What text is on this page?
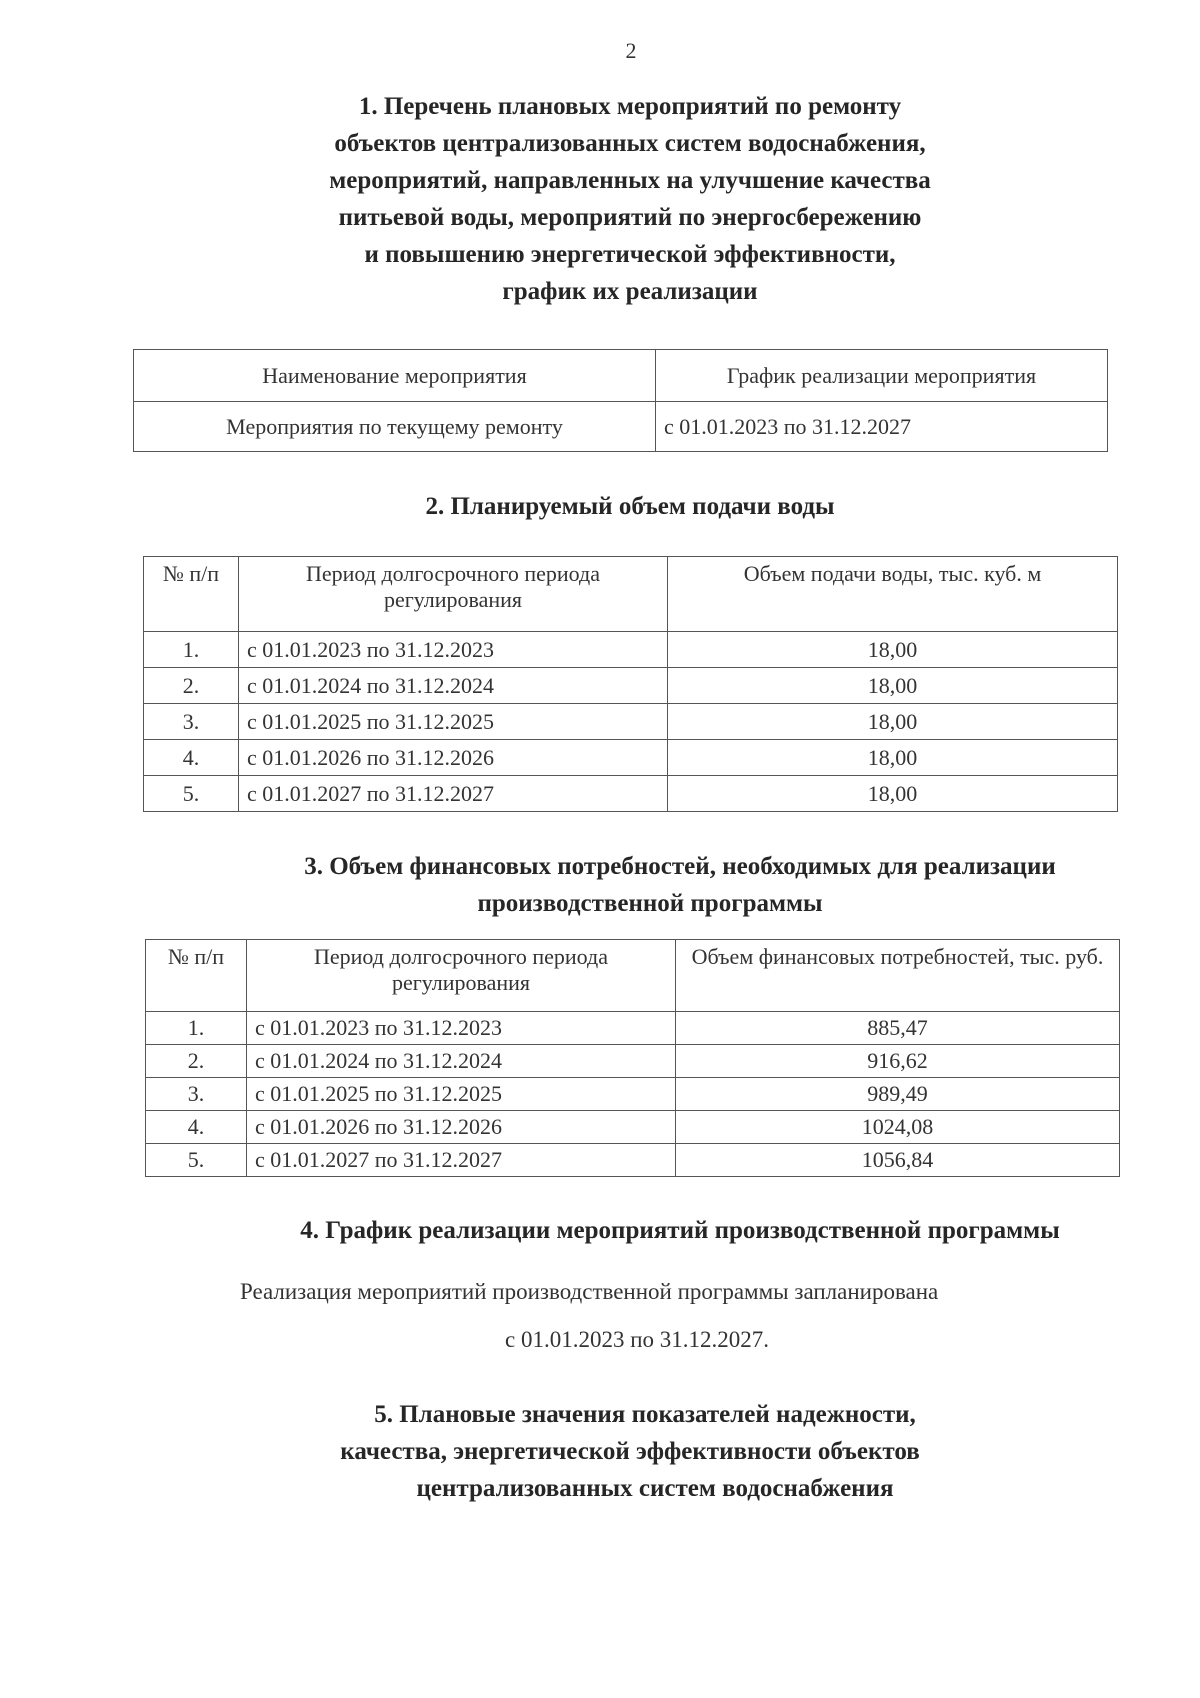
2
1. Перечень плановых мероприятий по ремонту
объектов централизованных систем водоснабжения,
мероприятий, направленных на улучшение качества
питьевой воды, мероприятий по энергосбережению
и повышению энергетической эффективности,
график их реализации
Наименование мероприятия	График реализации мероприятия
Мероприятия по текущему ремонту	с 01.01.2023 по 31.12.2027
2. Планируемый объем подачи воды
№ п/п	Период долгосрочного периода регулирования	Объем подачи воды, тыс. куб. м
1.	с 01.01.2023 по 31.12.2023	18,00
2.	с 01.01.2024 по 31.12.2024	18,00
3.	с 01.01.2025 по 31.12.2025	18,00
4.	с 01.01.2026 по 31.12.2026	18,00
5.	с 01.01.2027 по 31.12.2027	18,00
3. Объем финансовых потребностей, необходимых для реализации
производственной программы
№ п/п	Период долгосрочного периода регулирования	Объем финансовых потребностей, тыс. руб.
1.	с 01.01.2023 по 31.12.2023	885,47
2.	с 01.01.2024 по 31.12.2024	916,62
3.	с 01.01.2025 по 31.12.2025	989,49
4.	с 01.01.2026 по 31.12.2026	1024,08
5.	с 01.01.2027 по 31.12.2027	1056,84
4. График реализации мероприятий производственной программы
Реализация мероприятий производственной программы запланирована
с 01.01.2023 по 31.12.2027.
5. Плановые значения показателей надежности,
качества, энергетической эффективности объектов
централизованных систем водоснабжения
